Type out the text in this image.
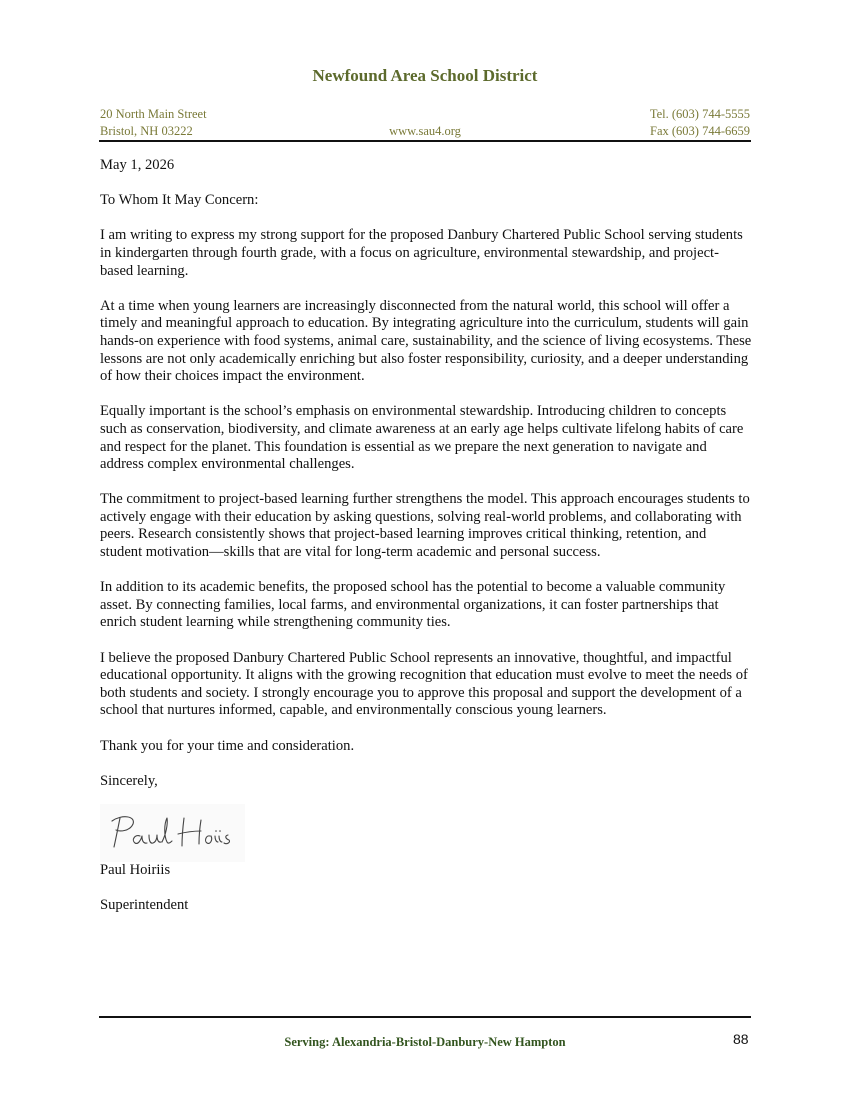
Newfound Area School District
20 North Main Street
Bristol, NH 03222	www.sau4.org
Tel. (603) 744-5555
Fax (603) 744-6659

May 1, 2026

To Whom It May Concern:

I am writing to express my strong support for the proposed Danbury Chartered Public School serving students in kindergarten through fourth grade, with a focus on agriculture, environmental stewardship, and project-based learning.

At a time when young learners are increasingly disconnected from the natural world, this school will offer a timely and meaningful approach to education. By integrating agriculture into the curriculum, students will gain hands-on experience with food systems, animal care, sustainability, and the science of living ecosystems. These lessons are not only academically enriching but also foster responsibility, curiosity, and a deeper understanding of how their choices impact the environment.

Equally important is the school’s emphasis on environmental stewardship. Introducing children to concepts such as conservation, biodiversity, and climate awareness at an early age helps cultivate lifelong habits of care and respect for the planet. This foundation is essential as we prepare the next generation to navigate and address complex environmental challenges.

The commitment to project-based learning further strengthens the model. This approach encourages students to actively engage with their education by asking questions, solving real-world problems, and collaborating with peers. Research consistently shows that project-based learning improves critical thinking, retention, and student motivation—skills that are vital for long-term academic and personal success.

In addition to its academic benefits, the proposed school has the potential to become a valuable community asset. By connecting families, local farms, and environmental organizations, it can foster partnerships that enrich student learning while strengthening community ties.

I believe the proposed Danbury Chartered Public School represents an innovative, thoughtful, and impactful educational opportunity. It aligns with the growing recognition that education must evolve to meet the needs of both students and society. I strongly encourage you to approve this proposal and support the development of a school that nurtures informed, capable, and environmentally conscious young learners.

Thank you for your time and consideration.

Sincerely,

Paul Hoiriis

Superintendent

Serving: Alexandria-Bristol-Danbury-New Hampton	88
